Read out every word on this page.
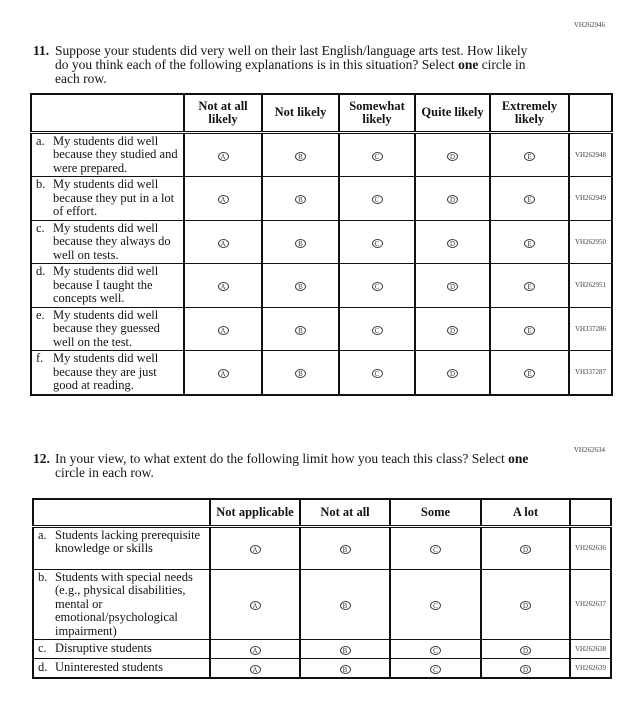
VH262946
11. Suppose your students did very well on their last English/language arts test. How likely do you think each of the following explanations is in this situation? Select one circle in each row.
	Not at all likely	Not likely	Somewhat likely	Quite likely	Extremely likely	

a. My students did well because they studied and were prepared.	A	B	C	D	E	VH262948

b. My students did well because they put in a lot of effort.	A	B	C	D	E	VH262949

c. My students did well because they always do well on tests.	A	B	C	D	E	VH262950

d. My students did well because I taught the concepts well.	A	B	C	D	E	VH262951

e. My students did well because they guessed well on the test.	A	B	C	D	E	VH337286

f. My students did well because they are just good at reading.	A	B	C	D	E	VH337287
VH262634
12. In your view, to what extent do the following limit how you teach this class? Select one circle in each row.
	Not applicable	Not at all	Some	A lot	

a. Students lacking prerequisite knowledge or skills	A	B	C	D	VH262636

b. Students with special needs (e.g., physical disabilities, mental or emotional/psychological impairment)	A	B	C	D	VH262637

c. Disruptive students	A	B	C	D	VH262638

d. Uninterested students	A	B	C	D	VH262639
